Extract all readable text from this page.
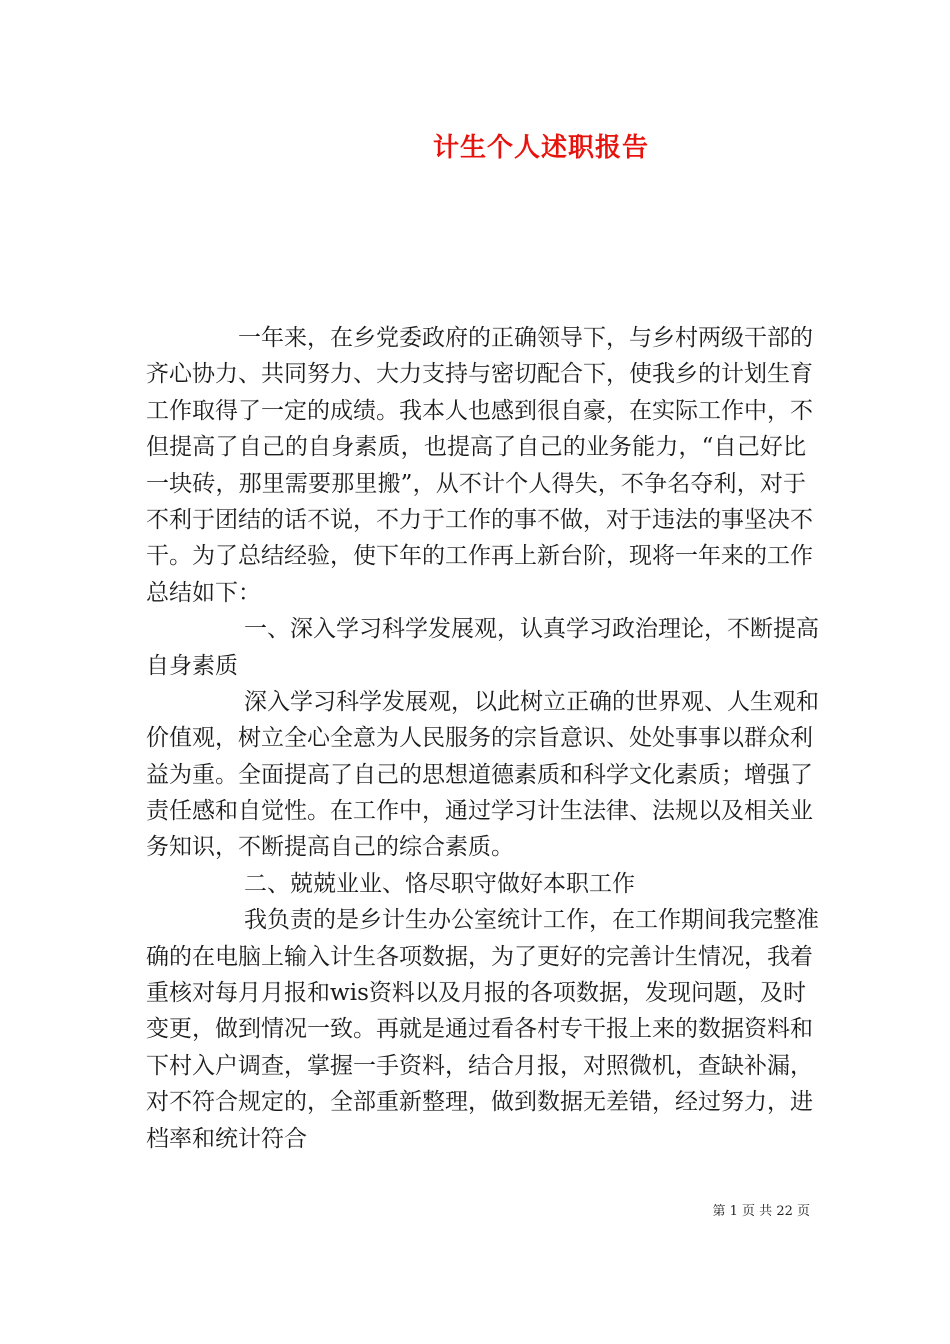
计生个人述职报告
一年来，在乡党委政府的正确领导下，与乡村两级干部的
齐心协力、共同努力、大力支持与密切配合下，使我乡的计划生育
工作取得了一定的成绩。我本人也感到很自豪，在实际工作中，不
但提高了自己的自身素质，也提高了自己的业务能力，“自己好比
一块砖，那里需要那里搬”，从不计个人得失，不争名夺利，对于
不利于团结的话不说，不力于工作的事不做，对于违法的事坚决不
干。为了总结经验，使下年的工作再上新台阶，现将一年来的工作
总结如下：
一、深入学习科学发展观，认真学习政治理论，不断提高
自身素质
深入学习科学发展观，以此树立正确的世界观、人生观和
价值观，树立全心全意为人民服务的宗旨意识、处处事事以群众利
益为重。全面提高了自己的思想道德素质和科学文化素质；增强了
责任感和自觉性。在工作中，通过学习计生法律、法规以及相关业
务知识，不断提高自己的综合素质。
二、兢兢业业、恪尽职守做好本职工作
我负责的是乡计生办公室统计工作，在工作期间我完整准
确的在电脑上输入计生各项数据，为了更好的完善计生情况，我着
重核对每月月报和wis资料以及月报的各项数据，发现问题，及时
变更，做到情况一致。再就是通过看各村专干报上来的数据资料和
下村入户调查，掌握一手资料，结合月报，对照微机，查缺补漏，
对不符合规定的，全部重新整理，做到数据无差错，经过努力，进
档率和统计符合
第 1 页 共 22 页
